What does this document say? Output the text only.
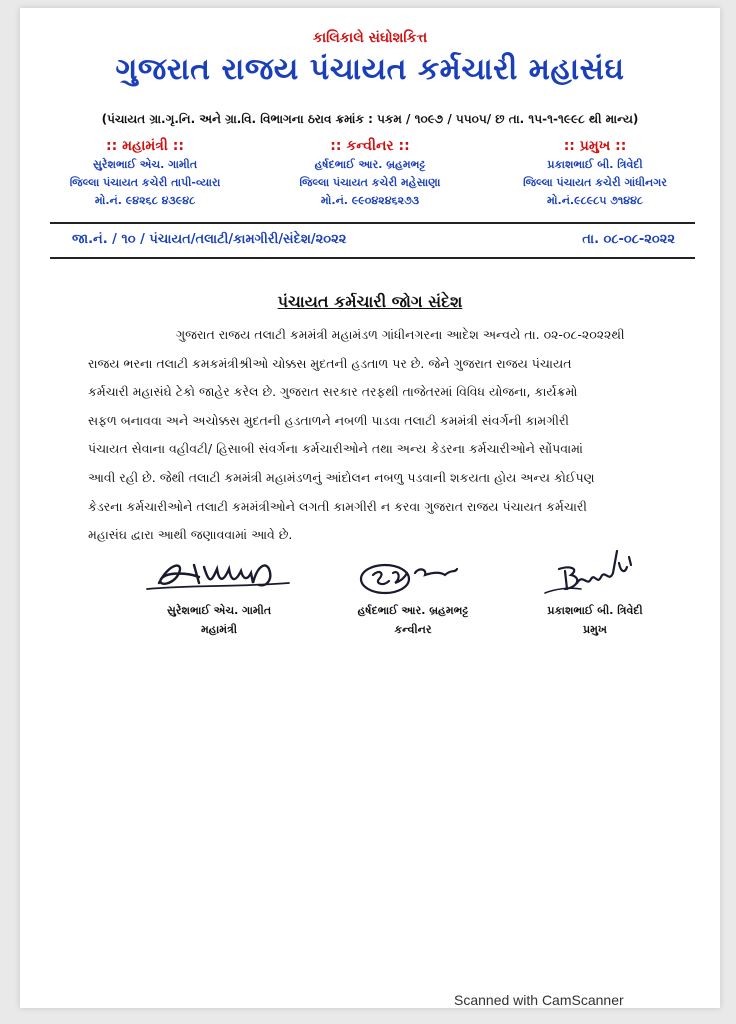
કાલિકાલે સંઘોશકિત્ત
ગુજરાત રાજય પંચાયત કર્મચારી મહાસંઘ
(પંચાયત ગ્રા.ગૃ.નિ. અને ગ્રા.વિ. વિભાગના ઠરાવ ક્રમાંક : પકમ / ૧૦૯૭ / ૫૫૦૫/ છ તા. ૧૫-૧-૧૯૯૮ થી માન્ય)
:: મહામંત્રી ::
સુરેશભાઈ એચ. ગામીત
જિલ્લા પંચાયત કચેરી તાપી-વ્યારા
મો.નં. ૯૪૨૬૮ ૪૩૯૪૮
:: કન્વીનર ::
હર્ષદભાઈ આર. બ્રહમભટ્ટ
જિલ્લા પંચાયત કચેરી મહેસાણા
મો.નં. ૯૯૦૪૨૪૬૨૭૩
:: પ્રમુખ ::
પ્રકાશભાઈ બી. ત્રિવેદી
જિલ્લા પંચાયત કચેરી ગાંધીનગર
મો.નં.૯૮૯૮૫ ૭૧૪૪૮
જા.નં. / ૧૦ / પંચાયત/તલાટી/કામગીરી/સંદેશ/૨૦૨૨	તા. ૦૮-૦૮-૨૦૨૨
પંચાયત કર્મચારી જોગ સંદેશ
ગુજરાત રાજય તલાટી કમમંત્રી મહામંડળ ગાંધીનગરના આદેશ અન્વયે તા. ૦૨-૦૮-૨૦૨૨થી
રાજય ભરના તલાટી કમકમંત્રીશ્રીઓ ચોક્કસ મુદતની હડતાળ પર છે. જેને ગુજરાત રાજય પંચાયત
કર્મચારી મહાસંઘે ટેકો જાહેર કરેલ છે. ગુજરાત સરકાર તરફથી તાજેતરમાં વિવિધ યોજના, કાર્યક્રમો
સફળ બનાવવા અને અચોક્કસ મુદતની હડતાળને નબળી પાડવા તલાટી કમમંત્રી સંવર્ગની કામગીરી
પંચાયત સેવાના વહીવટી/ હિસાબી સંવર્ગના કર્મચારીઓને તથા અન્ય કેડરના કર્મચારીઓને સોંપવામાં
આવી રહી છે. જેથી તલાટી કમમંત્રી મહામંડળનું આંદોલન નબળુ પડવાની શકયતા હોય અન્ય કોઈપણ
કેડરના કર્મચારીઓને તલાટી કમમંત્રીઓને લગતી કામગીરી ન કરવા ગુજરાત રાજય પંચાયત કર્મચારી
મહાસંઘ દ્વારા આથી જણાવવામાં આવે છે.
સુરેશભાઈ એચ. ગામીત
મહામંત્રી
હર્ષદભાઈ આર. બ્રહમભટ્ટ
કન્વીનર
પ્રકાશભાઈ બી. ત્રિવેદી
પ્રમુખ
Scanned with CamScanner
